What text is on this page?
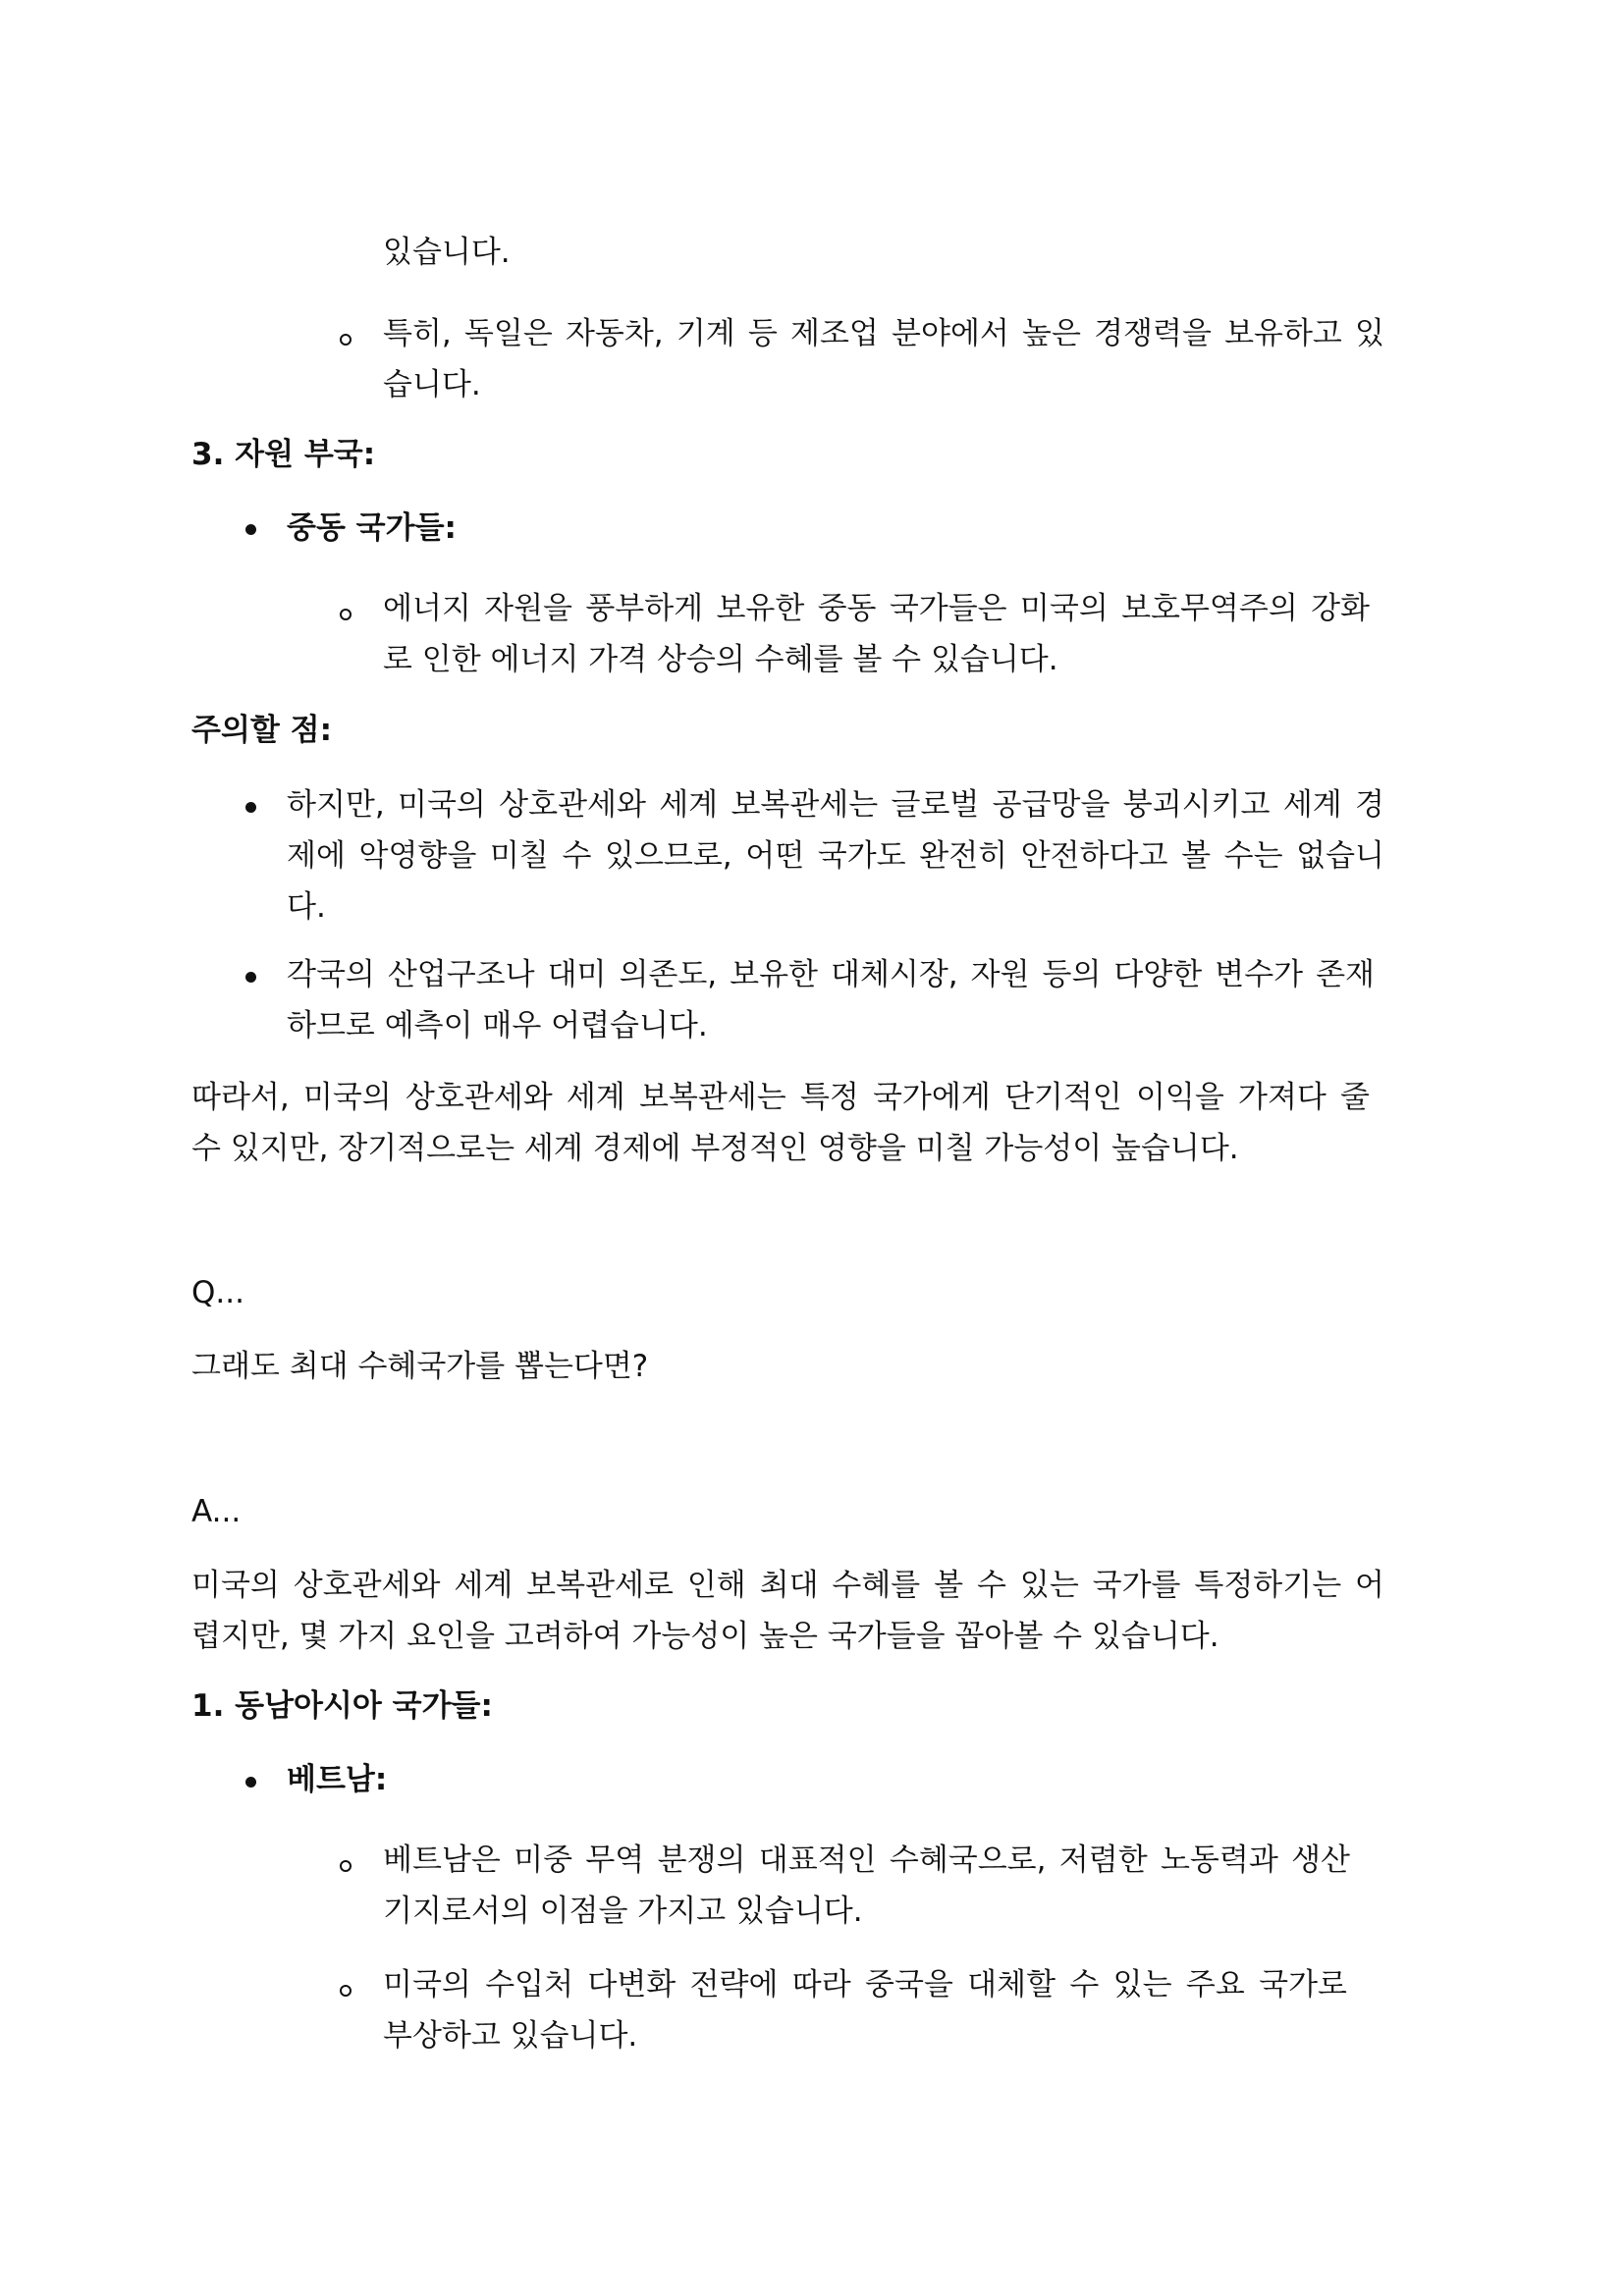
있습니다.
특히, 독일은 자동차, 기계 등 제조업 분야에서 높은 경쟁력을 보유하고 있
습니다.
3. 자원 부국:
중동 국가들:
에너지 자원을 풍부하게 보유한 중동 국가들은 미국의 보호무역주의 강화
로 인한 에너지 가격 상승의 수혜를 볼 수 있습니다.
주의할 점:
하지만, 미국의 상호관세와 세계 보복관세는 글로벌 공급망을 붕괴시키고 세계 경
제에 악영향을 미칠 수 있으므로, 어떤 국가도 완전히 안전하다고 볼 수는 없습니
다.
각국의 산업구조나 대미 의존도, 보유한 대체시장, 자원 등의 다양한 변수가 존재
하므로 예측이 매우 어렵습니다.
따라서, 미국의 상호관세와 세계 보복관세는 특정 국가에게 단기적인 이익을 가져다 줄
수 있지만, 장기적으로는 세계 경제에 부정적인 영향을 미칠 가능성이 높습니다.
Q...
그래도 최대 수혜국가를 뽑는다면?
A...
미국의 상호관세와 세계 보복관세로 인해 최대 수혜를 볼 수 있는 국가를 특정하기는 어
렵지만, 몇 가지 요인을 고려하여 가능성이 높은 국가들을 꼽아볼 수 있습니다.
1. 동남아시아 국가들:
베트남:
베트남은 미중 무역 분쟁의 대표적인 수혜국으로, 저렴한 노동력과 생산
기지로서의 이점을 가지고 있습니다.
미국의 수입처 다변화 전략에 따라 중국을 대체할 수 있는 주요 국가로
부상하고 있습니다.
